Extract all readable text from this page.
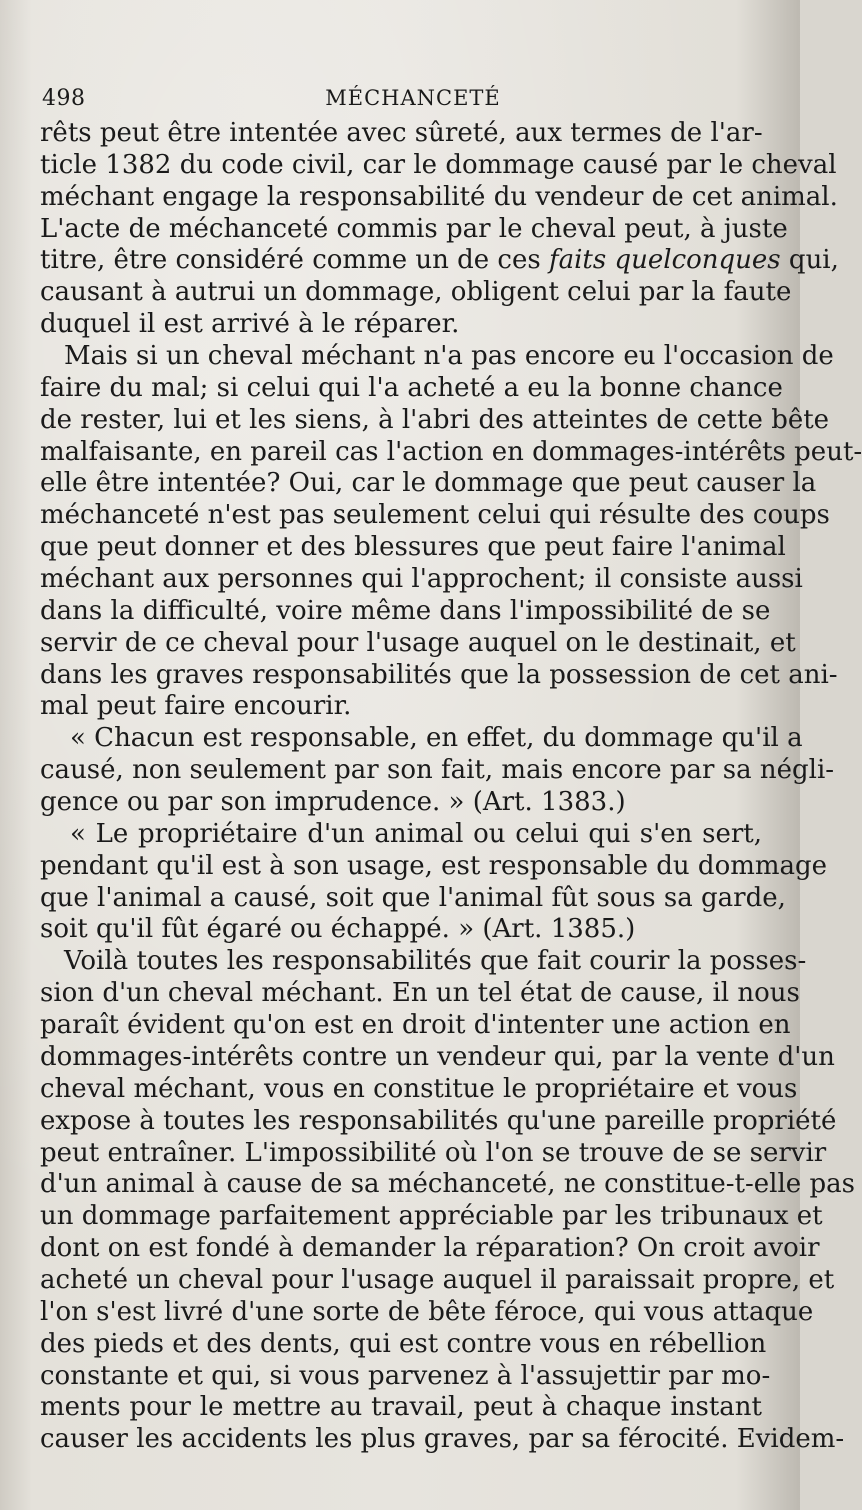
498	MÉCHANCETÉ
rêts peut être intentée avec sûreté, aux termes de l'ar-
ticle 1382 du code civil, car le dommage causé par le cheval
méchant engage la responsabilité du vendeur de cet animal.
L'acte de méchanceté commis par le cheval peut, à juste
titre, être considéré comme un de ces faits quelconques qui,
causant à autrui un dommage, obligent celui par la faute
duquel il est arrivé à le réparer.
Mais si un cheval méchant n'a pas encore eu l'occasion de
faire du mal; si celui qui l'a acheté a eu la bonne chance
de rester, lui et les siens, à l'abri des atteintes de cette bête
malfaisante, en pareil cas l'action en dommages-intérêts peut-
elle être intentée? Oui, car le dommage que peut causer la
méchanceté n'est pas seulement celui qui résulte des coups
que peut donner et des blessures que peut faire l'animal
méchant aux personnes qui l'approchent; il consiste aussi
dans la difficulté, voire même dans l'impossibilité de se
servir de ce cheval pour l'usage auquel on le destinait, et
dans les graves responsabilités que la possession de cet ani-
mal peut faire encourir.
« Chacun est responsable, en effet, du dommage qu'il a
causé, non seulement par son fait, mais encore par sa négli-
gence ou par son imprudence. » (Art. 1383.)
« Le propriétaire d'un animal ou celui qui s'en sert,
pendant qu'il est à son usage, est responsable du dommage
que l'animal a causé, soit que l'animal fût sous sa garde,
soit qu'il fût égaré ou échappé. » (Art. 1385.)
Voilà toutes les responsabilités que fait courir la posses-
sion d'un cheval méchant. En un tel état de cause, il nous
paraît évident qu'on est en droit d'intenter une action en
dommages-intérêts contre un vendeur qui, par la vente d'un
cheval méchant, vous en constitue le propriétaire et vous
expose à toutes les responsabilités qu'une pareille propriété
peut entraîner. L'impossibilité où l'on se trouve de se servir
d'un animal à cause de sa méchanceté, ne constitue-t-elle pas
un dommage parfaitement appréciable par les tribunaux et
dont on est fondé à demander la réparation? On croit avoir
acheté un cheval pour l'usage auquel il paraissait propre, et
l'on s'est livré d'une sorte de bête féroce, qui vous attaque
des pieds et des dents, qui est contre vous en rébellion
constante et qui, si vous parvenez à l'assujettir par mo-
ments pour le mettre au travail, peut à chaque instant
causer les accidents les plus graves, par sa férocité. Evidem-
